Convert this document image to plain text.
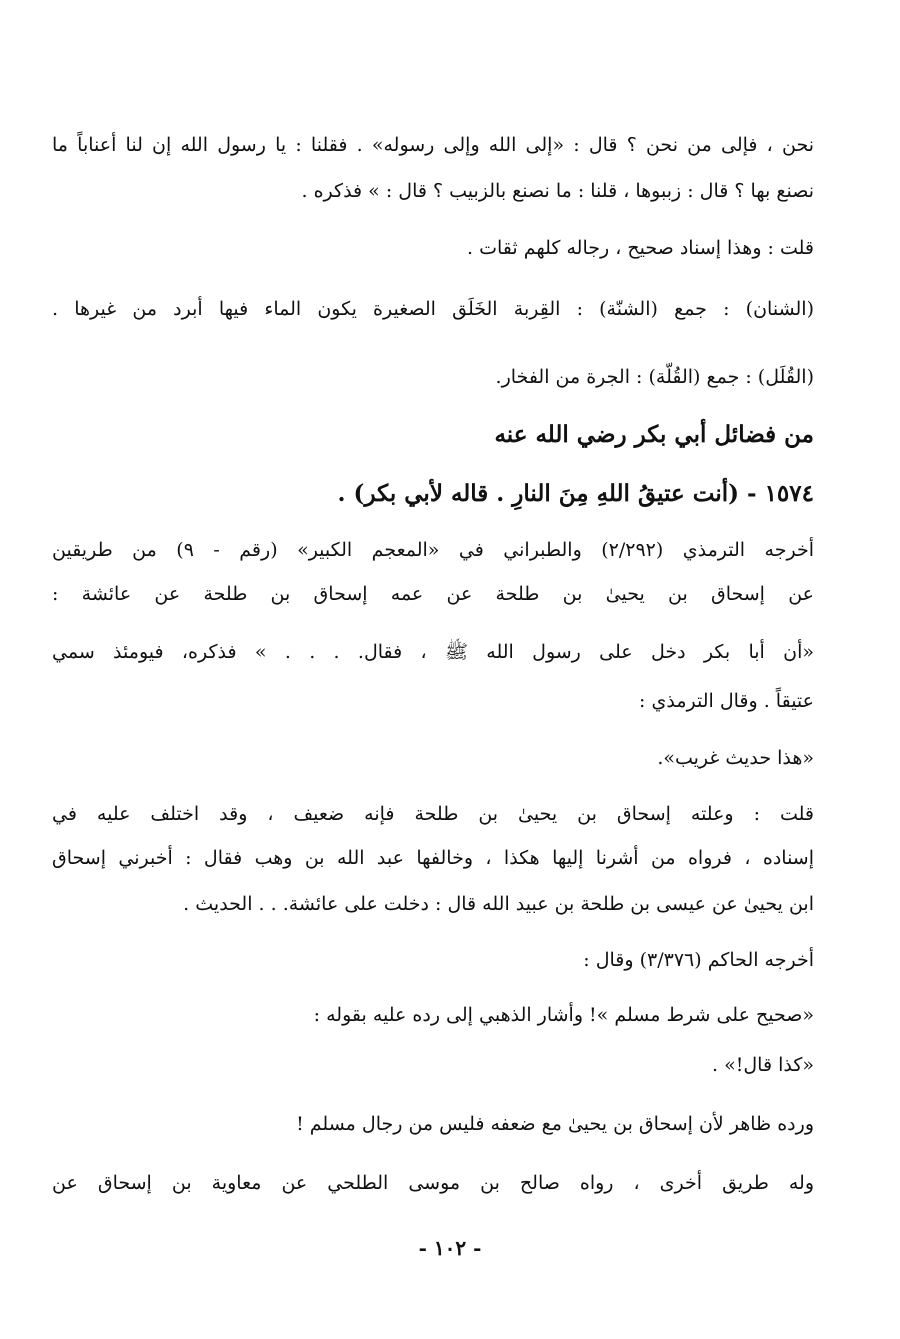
نحن ، فإلى من نحن ؟ قال : «إلى الله وإلى رسوله» . فقلنا : يا رسول الله إن لنا أعناباً ما
نصنع بها ؟ قال : زببوها ، قلنا : ما نصنع بالزبيب ؟ قال : » فذكره .
قلت : وهذا إسناد صحيح ، رجاله كلهم ثقات .
(الشنان) : جمع (الشنّة) : القِربة الخَلَق الصغيرة يكون الماء فيها أبرد من غيرها .
(القُلَل) : جمع (القُلّة) : الجرة من الفخار.
من فضائل أبي بكر رضي الله عنه
١٥٧٤ - (أنت عتيقُ اللهِ مِنَ النارِ . قاله لأبي بكر) .
أخرجه الترمذي (٢/٢٩٢) والطبراني في «المعجم الكبير» (رقم - ٩) من طريقين
عن إسحاق بن يحيىٰ بن طلحة عن عمه إسحاق بن طلحة عن عائشة :
«أن أبا بكر دخل على رسول الله ﷺ ، فقال. . . . » فذكره، فيومئذ سمي
عتيقاً . وقال الترمذي :
«هذا حديث غريب».
قلت : وعلته إسحاق بن يحيىٰ بن طلحة فإنه ضعيف ، وقد اختلف عليه في
إسناده ، فرواه من أشرنا إليها هكذا ، وخالفها عبد الله بن وهب فقال : أخبرني إسحاق
ابن يحيىٰ عن عيسى بن طلحة بن عبيد الله قال : دخلت على عائشة. . . الحديث .
أخرجه الحاكم (٣/٣٧٦) وقال :
«صحيح على شرط مسلم »! وأشار الذهبي إلى رده عليه بقوله :
«كذا قال!» .
ورده ظاهر لأن إسحاق بن يحيىٰ مع ضعفه فليس من رجال مسلم !
وله طريق أخرى ، رواه صالح بن موسى الطلحي عن معاوية بن إسحاق عن
- ١٠٢ -
